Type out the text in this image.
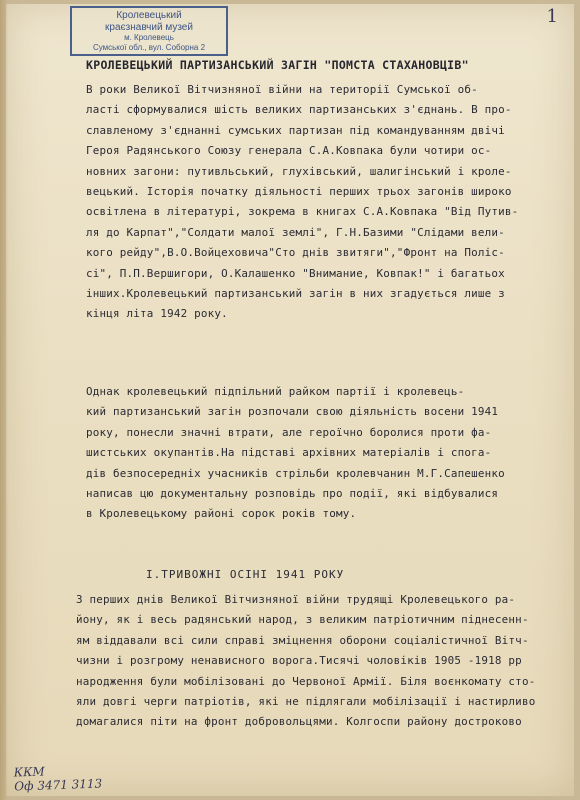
1
Кролевецький
краєзнавчий музей
м. Кролевець
Сумської обл., вул. Соборна 2
КРОЛЕВЕЦЬКИЙ ПАРТИЗАНСЬКИЙ ЗАГІН "ПОМСТА СТАХАНОВЦІВ"
В роки Великої Вітчизняної війни на території Сумської об-
ласті сформувалися шість великих партизанських з'єднань. В про-
славленому з'єднанні сумських партизан під командуванням двічі
Героя Радянського Союзу генерала С.А.Ковпака були чотири ос-
новних загони: путивльський, глухівський, шалигінський і кроле-
вецький. Історія початку діяльності перших трьох загонів широко
освітлена в літературі, зокрема в книгах С.А.Ковпака "Від Путив-
ля до Карпат","Солдати малої землі", Г.Н.Базими "Слідами вели-
кого рейду",В.О.Войцеховича"Сто днів звитяги","Фронт на Поліс-
сі", П.П.Вершигори, О.Калашенко "Внимание, Ковпак!" і багатьох
інших.Кролевецький партизанський загін в них згадується лише з
кінця літа 1942 року.
Однак кролевецький підпільний райком партії і кролевець-
кий партизанський загін розпочали свою діяльність восени 1941
року, понесли значні втрати, але героїчно боролися проти фа-
шистських окупантів.На підставі архівних матеріалів і спога-
дів безпосередніх учасників стрільби кролевчанин М.Г.Сапешенко
написав цю документальну розповідь про події, які відбувалися
в Кролевецькому районі сорок років тому.
I.ТРИВОЖНІ ОСІНІ 1941 РОКУ
З перших днів Великої Вітчизняної війни трудящі Кролевецького ра-
йону, як і весь радянський народ, з великим патріотичним піднесенн-
ям віддавали всі сили справі зміцнення оборони соціалістичної Вітч-
чизни і розгрому ненависного ворога.Тисячі чоловіків 1905 -1918 рр
народження були мобілізовані до Червоної Армії. Біля воєнкомату сто-
яли довгі черги патріотів, які не підлягали мобілізації і настирливо
домагалися піти на фронт добровольцями. Колгоспи району достроково
ККМ
Оф 3471 3113
